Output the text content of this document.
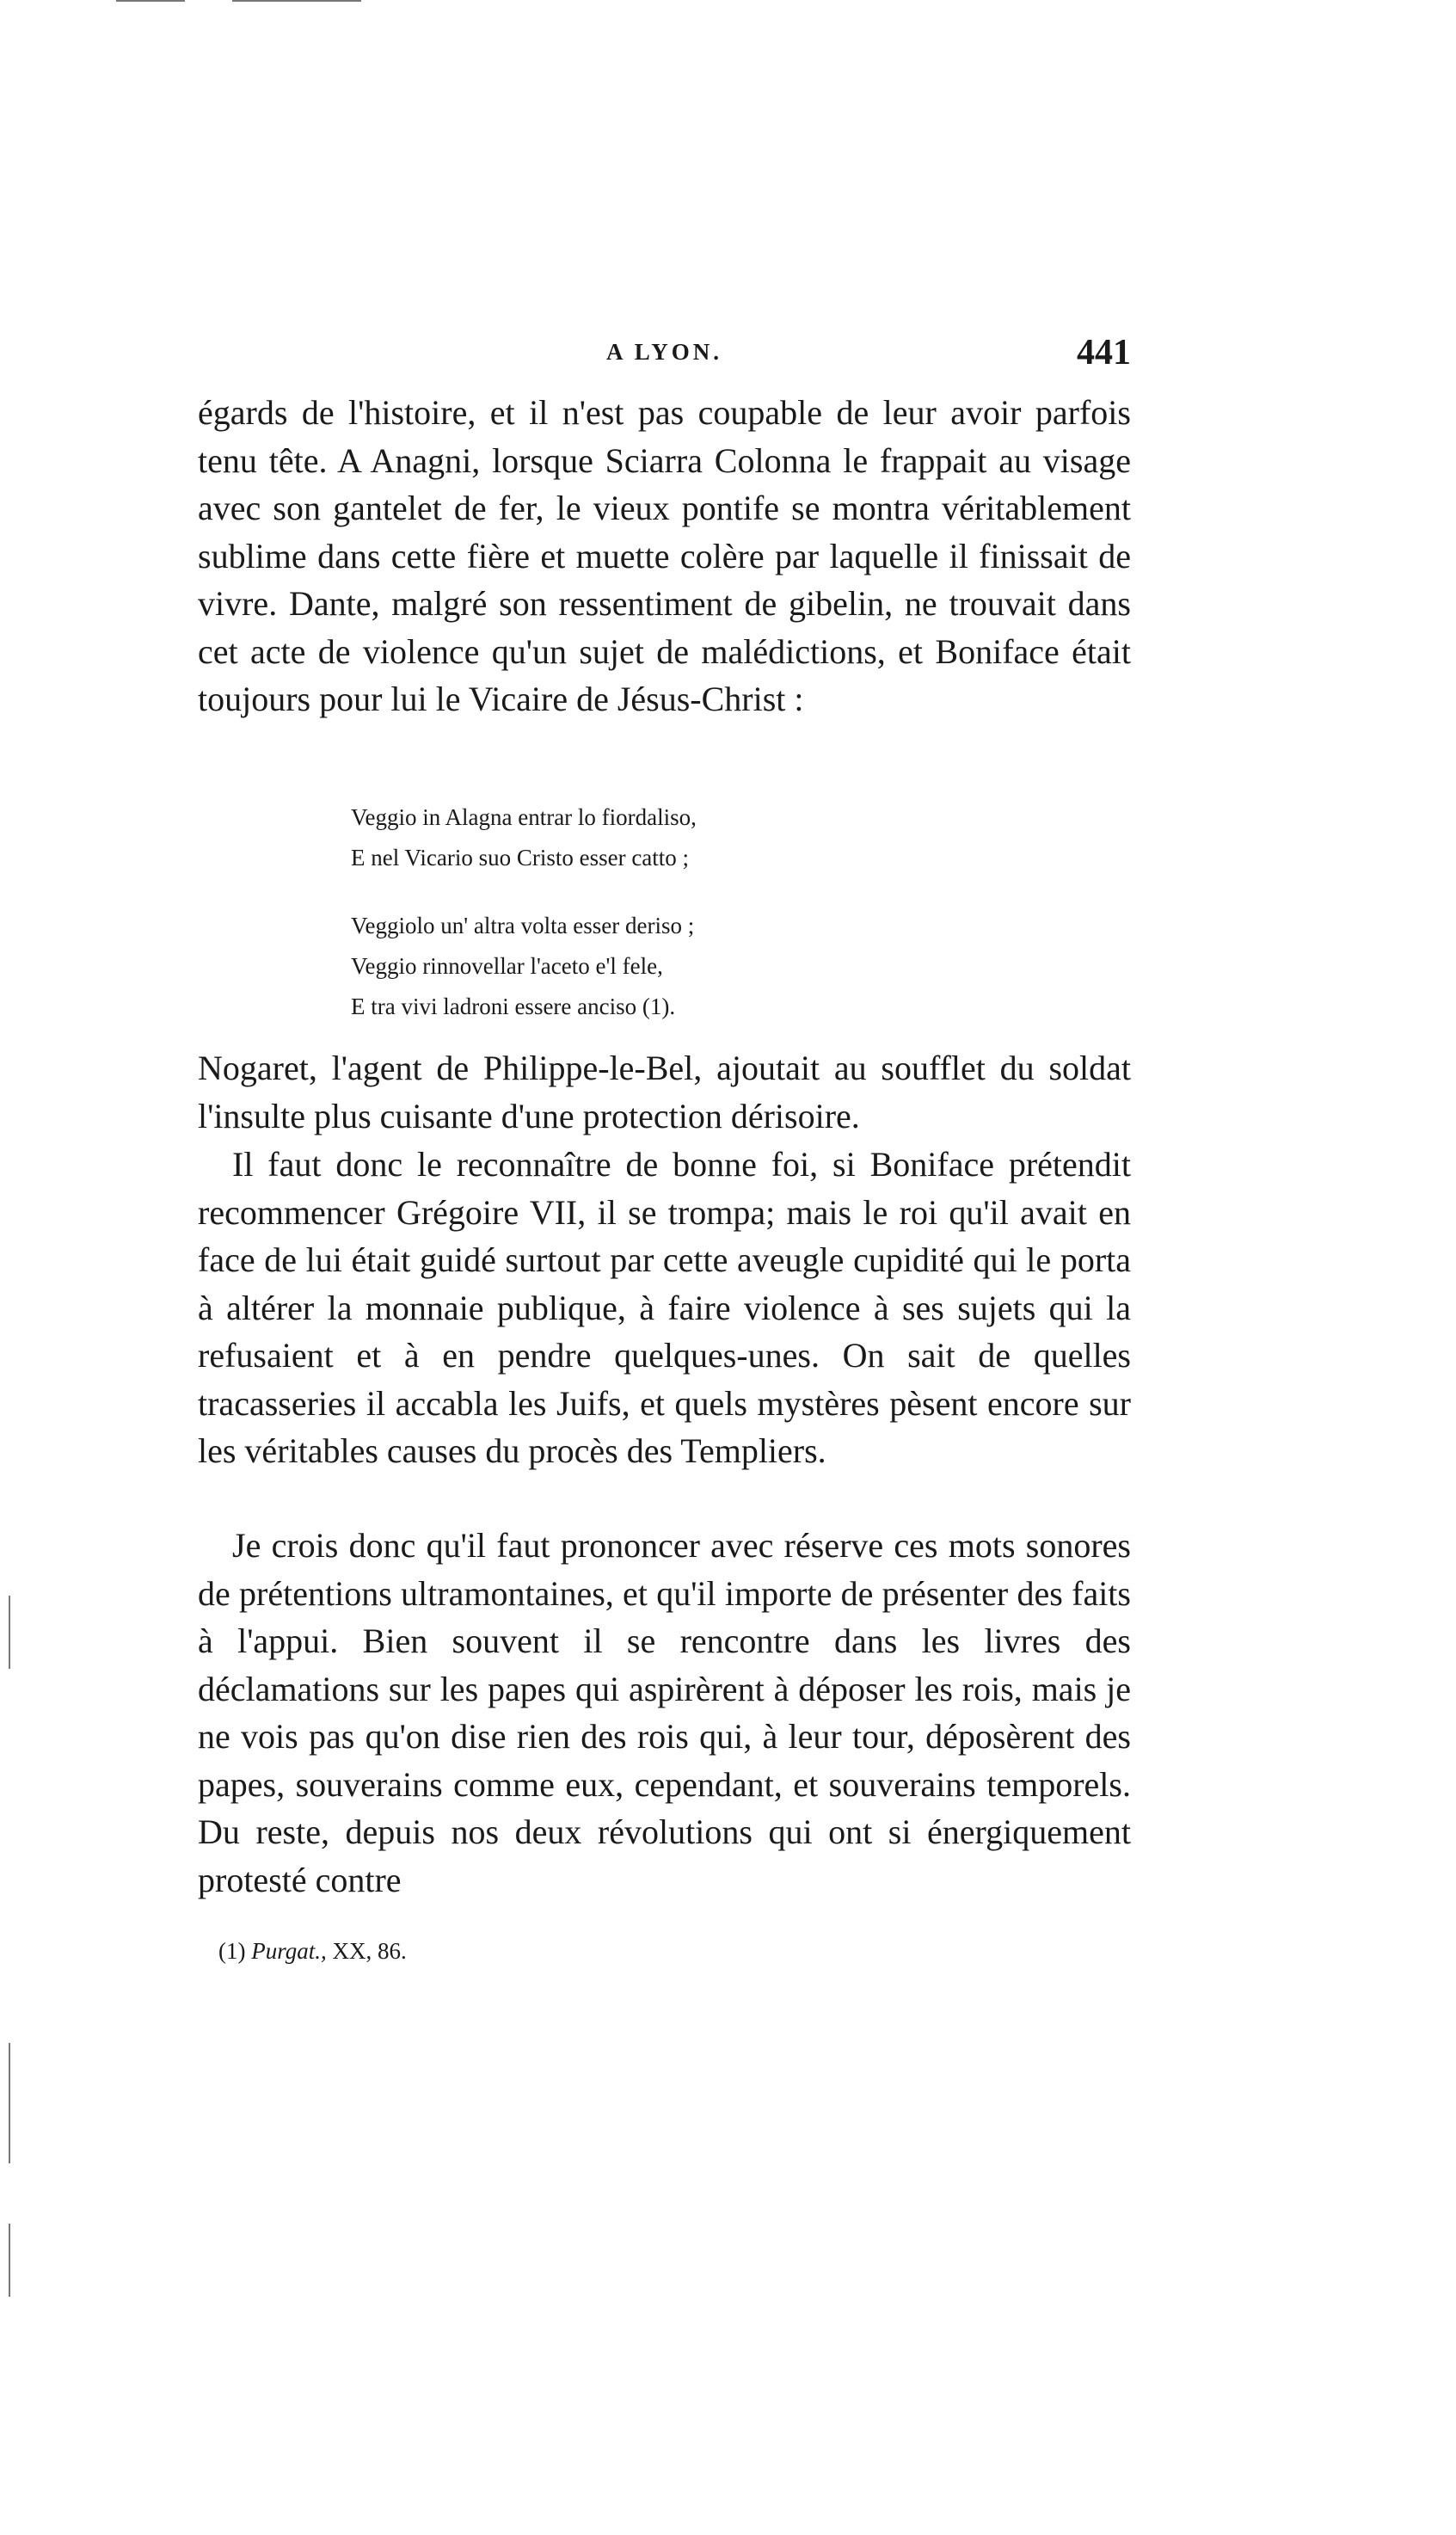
A LYON.	441

égards de l'histoire, et il n'est pas coupable de leur avoir parfois tenu tête. A Anagni, lorsque Sciarra Colonna le frappait au visage avec son gantelet de fer, le vieux pontife se montra véritablement sublime dans cette fière et muette colère par laquelle il finissait de vivre. Dante, malgré son ressentiment de gibelin, ne trouvait dans cet acte de violence qu'un sujet de malédictions, et Boniface était toujours pour lui le Vicaire de Jésus-Christ :

Veggio in Alagna entrar lo fiordaliso,
E nel Vicario suo Cristo esser catto ;
Veggiolo un' altra volta esser deriso ;
Veggio rinnovellar l'aceto e'l fele,
E tra vivi ladroni essere anciso (1).

Nogaret, l'agent de Philippe-le-Bel, ajoutait au soufflet du soldat l'insulte plus cuisante d'une protection dérisoire.

Il faut donc le reconnaître de bonne foi, si Boniface prétendit recommencer Grégoire VII, il se trompa; mais le roi qu'il avait en face de lui était guidé surtout par cette aveugle cupidité qui le porta à altérer la monnaie publique, à faire violence à ses sujets qui la refusaient et à en pendre quelques-unes. On sait de quelles tracasseries il accabla les Juifs, et quels mystères pèsent encore sur les véritables causes du procès des Templiers.

Je crois donc qu'il faut prononcer avec réserve ces mots sonores de prétentions ultramontaines, et qu'il importe de présenter des faits à l'appui. Bien souvent il se rencontre dans les livres des déclamations sur les papes qui aspirèrent à déposer les rois, mais je ne vois pas qu'on dise rien des rois qui, à leur tour, déposèrent des papes, souverains comme eux, cependant, et souverains temporels. Du reste, depuis nos deux révolutions qui ont si énergiquement protesté contre

(1) Purgat., XX, 86.
